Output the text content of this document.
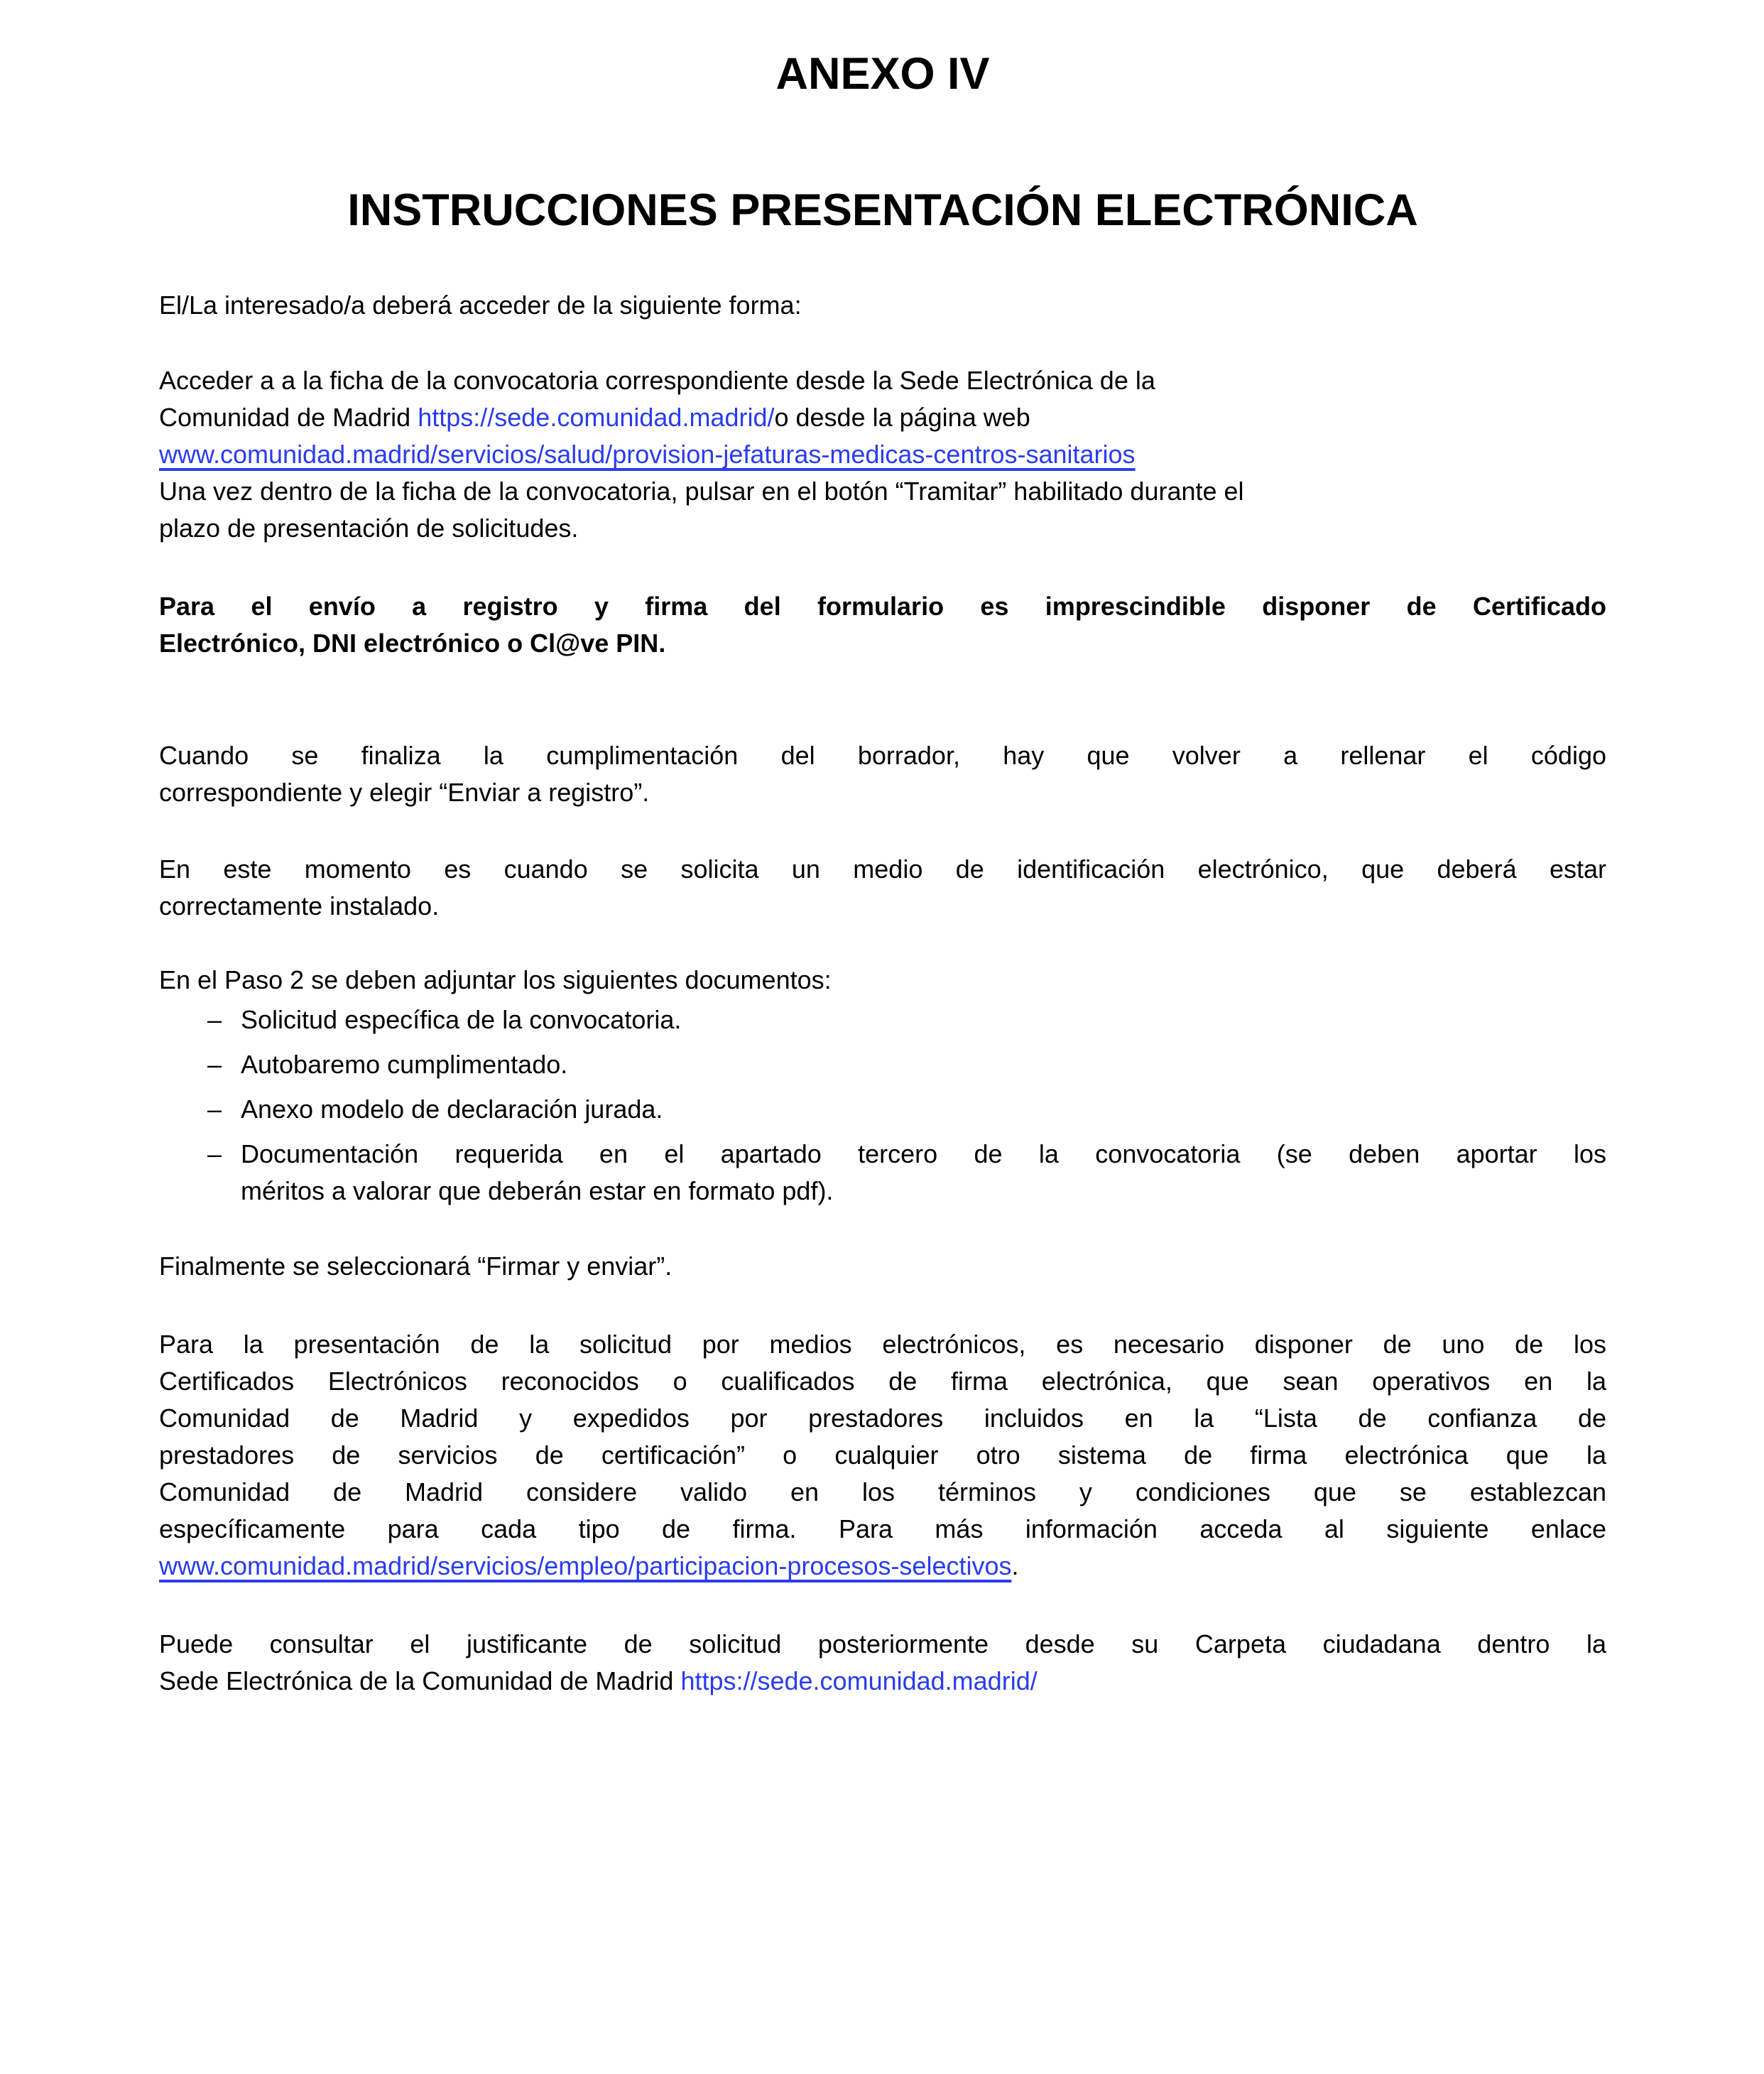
ANEXO IV
INSTRUCCIONES PRESENTACIÓN ELECTRÓNICA
El/La interesado/a deberá acceder de la siguiente forma:
Acceder a a la ficha de la convocatoria correspondiente desde la Sede Electrónica de la
Comunidad de Madrid https://sede.comunidad.madrid/o desde la página web
www.comunidad.madrid/servicios/salud/provision-jefaturas-medicas-centros-sanitarios
Una vez dentro de la ficha de la convocatoria, pulsar en el botón “Tramitar” habilitado durante el
plazo de presentación de solicitudes.
Para el envío a registro y firma del formulario es imprescindible disponer de Certificado
Electrónico, DNI electrónico o Cl@ve PIN.
Cuando se finaliza la cumplimentación del borrador, hay que volver a rellenar el código
correspondiente y elegir “Enviar a registro”.
En este momento es cuando se solicita un medio de identificación electrónico, que deberá estar
correctamente instalado.
En el Paso 2 se deben adjuntar los siguientes documentos:
– Solicitud específica de la convocatoria.
– Autobaremo cumplimentado.
– Anexo modelo de declaración jurada.
– Documentación requerida en el apartado tercero de la convocatoria (se deben aportar los
méritos a valorar que deberán estar en formato pdf).
Finalmente se seleccionará “Firmar y enviar”.
Para la presentación de la solicitud por medios electrónicos, es necesario disponer de uno de los
Certificados Electrónicos reconocidos o cualificados de firma electrónica, que sean operativos en la
Comunidad de Madrid y expedidos por prestadores incluidos en la “Lista de confianza de
prestadores de servicios de certificación” o cualquier otro sistema de firma electrónica que la
Comunidad de Madrid considere valido en los términos y condiciones que se establezcan
específicamente para cada tipo de firma. Para más información acceda al siguiente enlace
www.comunidad.madrid/servicios/empleo/participacion-procesos-selectivos.
Puede consultar el justificante de solicitud posteriormente desde su Carpeta ciudadana dentro la
Sede Electrónica de la Comunidad de Madrid https://sede.comunidad.madrid/
